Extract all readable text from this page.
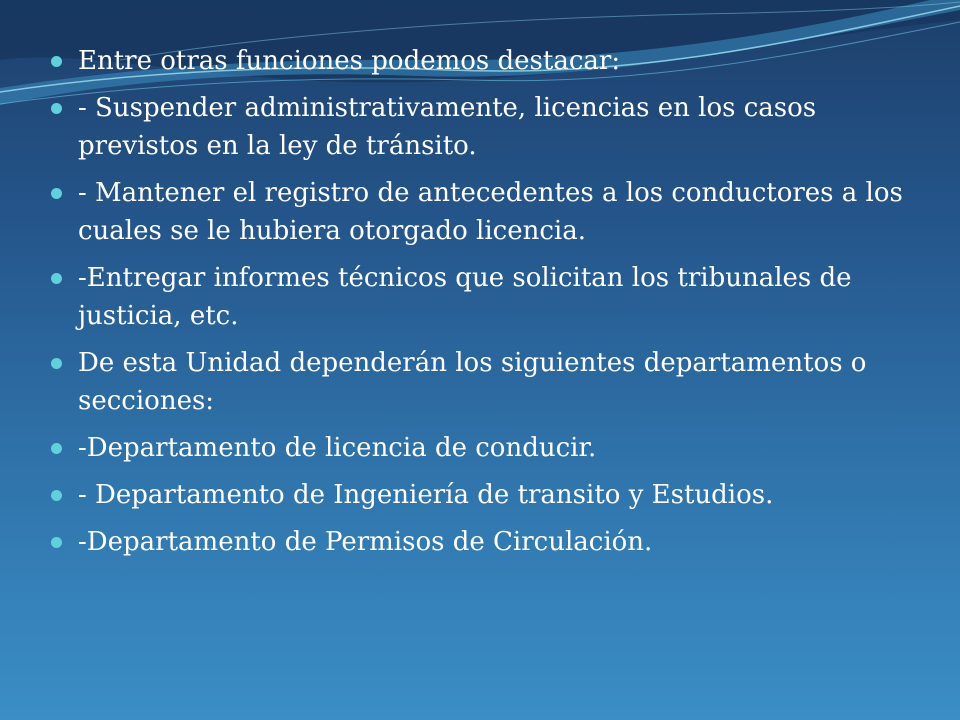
Entre otras funciones podemos destacar:
- Suspender administrativamente, licencias en los casos previstos en la ley de tránsito.
- Mantener el registro de antecedentes a los conductores a los cuales se le hubiera otorgado licencia.
-Entregar informes técnicos que solicitan los tribunales de justicia, etc.
De esta Unidad dependerán los siguientes departamentos o secciones:
-Departamento de licencia de conducir.
- Departamento de Ingeniería de transito y Estudios.
-Departamento de Permisos de Circulación.
